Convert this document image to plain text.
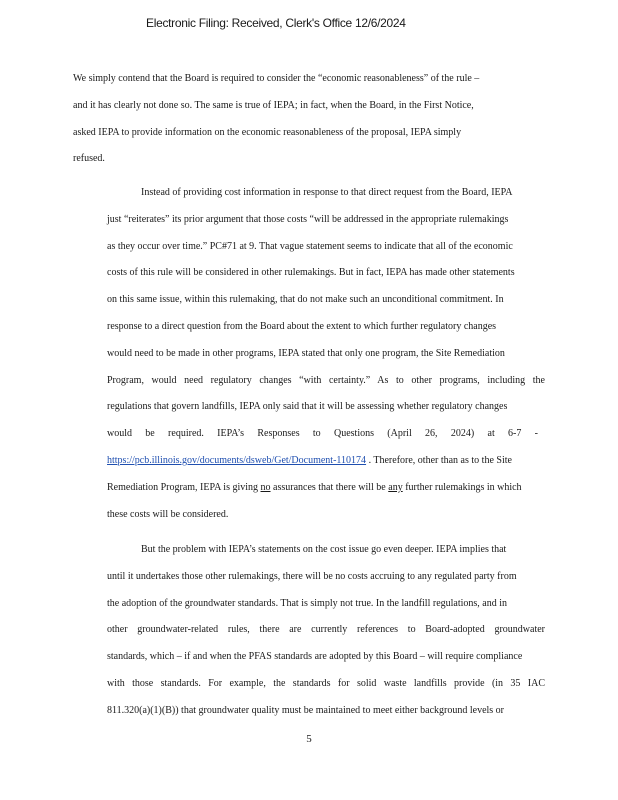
Electronic Filing: Received, Clerk's Office 12/6/2024
We simply contend that the Board is required to consider the “economic reasonableness” of the rule –
and it has clearly not done so. The same is true of IEPA; in fact, when the Board, in the First Notice,
asked IEPA to provide information on the economic reasonableness of the proposal, IEPA simply
refused.
Instead of providing cost information in response to that direct request from the Board, IEPA
just “reiterates” its prior argument that those costs “will be addressed in the appropriate rulemakings
as they occur over time.” PC#71 at 9. That vague statement seems to indicate that all of the economic
costs of this rule will be considered in other rulemakings. But in fact, IEPA has made other statements
on this same issue, within this rulemaking, that do not make such an unconditional commitment. In
response to a direct question from the Board about the extent to which further regulatory changes
would need to be made in other programs, IEPA stated that only one program, the Site Remediation
Program, would need regulatory changes “with certainty.” As to other programs, including the
regulations that govern landfills, IEPA only said that it will be assessing whether regulatory changes
would be required. IEPA’s Responses to Questions (April 26, 2024) at 6-7 -
https://pcb.illinois.gov/documents/dsweb/Get/Document-110174 . Therefore, other than as to the Site
Remediation Program, IEPA is giving no assurances that there will be any further rulemakings in which
these costs will be considered.
But the problem with IEPA’s statements on the cost issue go even deeper. IEPA implies that
until it undertakes those other rulemakings, there will be no costs accruing to any regulated party from
the adoption of the groundwater standards. That is simply not true. In the landfill regulations, and in
other groundwater-related rules, there are currently references to Board-adopted groundwater
standards, which – if and when the PFAS standards are adopted by this Board – will require compliance
with those standards. For example, the standards for solid waste landfills provide (in 35 IAC
811.320(a)(1)(B)) that groundwater quality must be maintained to meet either background levels or
5
